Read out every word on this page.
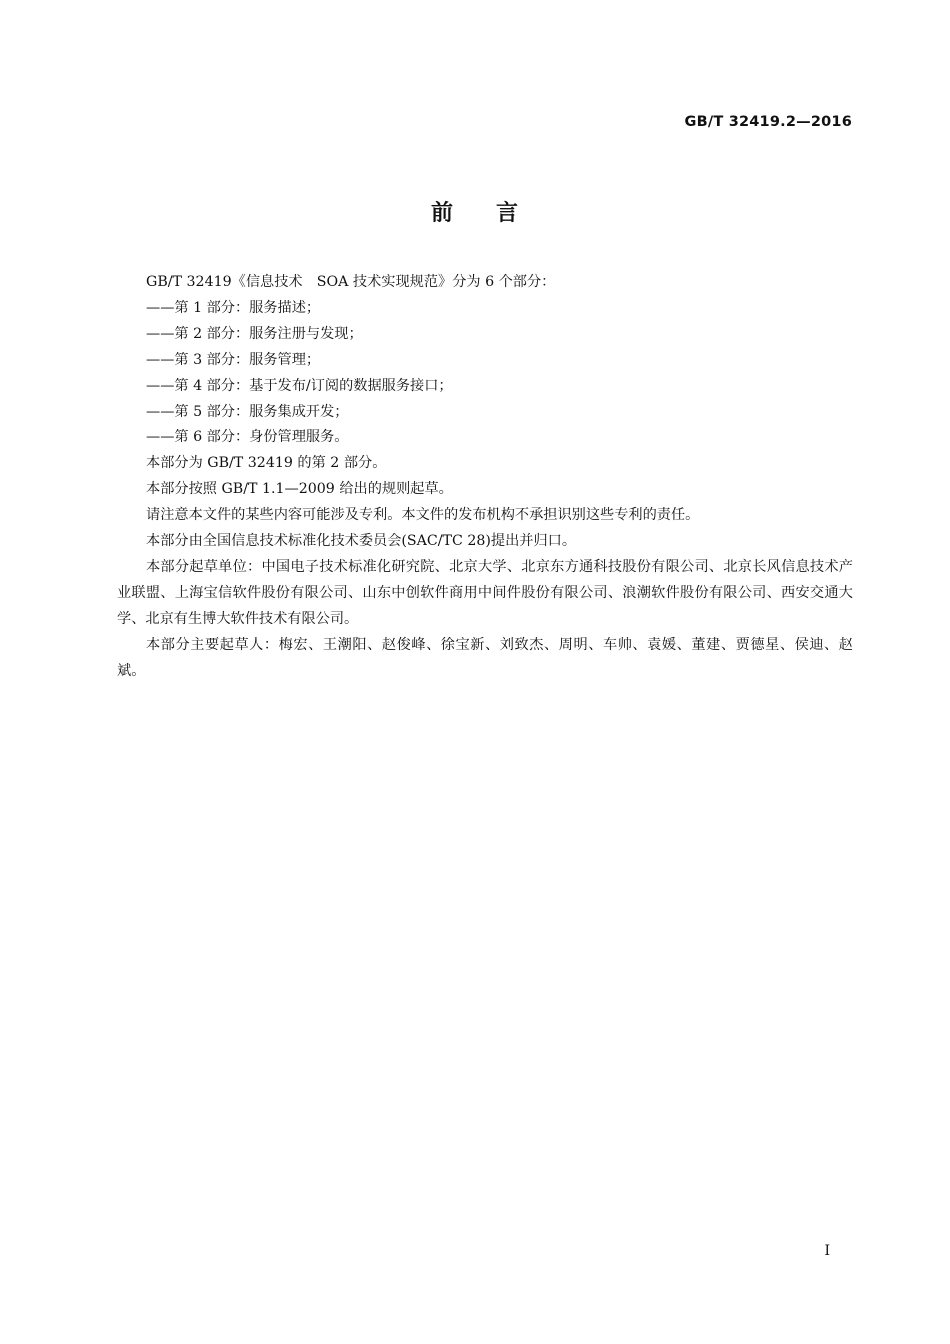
GB/T 32419.2—2016
前 言

GB/T 32419《信息技术　SOA 技术实现规范》分为 6 个部分：

——第 1 部分：服务描述；

——第 2 部分：服务注册与发现；

——第 3 部分：服务管理；

——第 4 部分：基于发布/订阅的数据服务接口；

——第 5 部分：服务集成开发；

——第 6 部分：身份管理服务。

本部分为 GB/T 32419 的第 2 部分。

本部分按照 GB/T 1.1—2009 给出的规则起草。

请注意本文件的某些内容可能涉及专利。本文件的发布机构不承担识别这些专利的责任。

本部分由全国信息技术标准化技术委员会(SAC/TC 28)提出并归口。

本部分起草单位：中国电子技术标准化研究院、北京大学、北京东方通科技股份有限公司、北京长风信息技术产业联盟、上海宝信软件股份有限公司、山东中创软件商用中间件股份有限公司、浪潮软件股份有限公司、西安交通大学、北京有生博大软件技术有限公司。

本部分主要起草人：梅宏、王潮阳、赵俊峰、徐宝新、刘致杰、周明、车帅、袁媛、董建、贾德星、侯迪、赵斌。

I
